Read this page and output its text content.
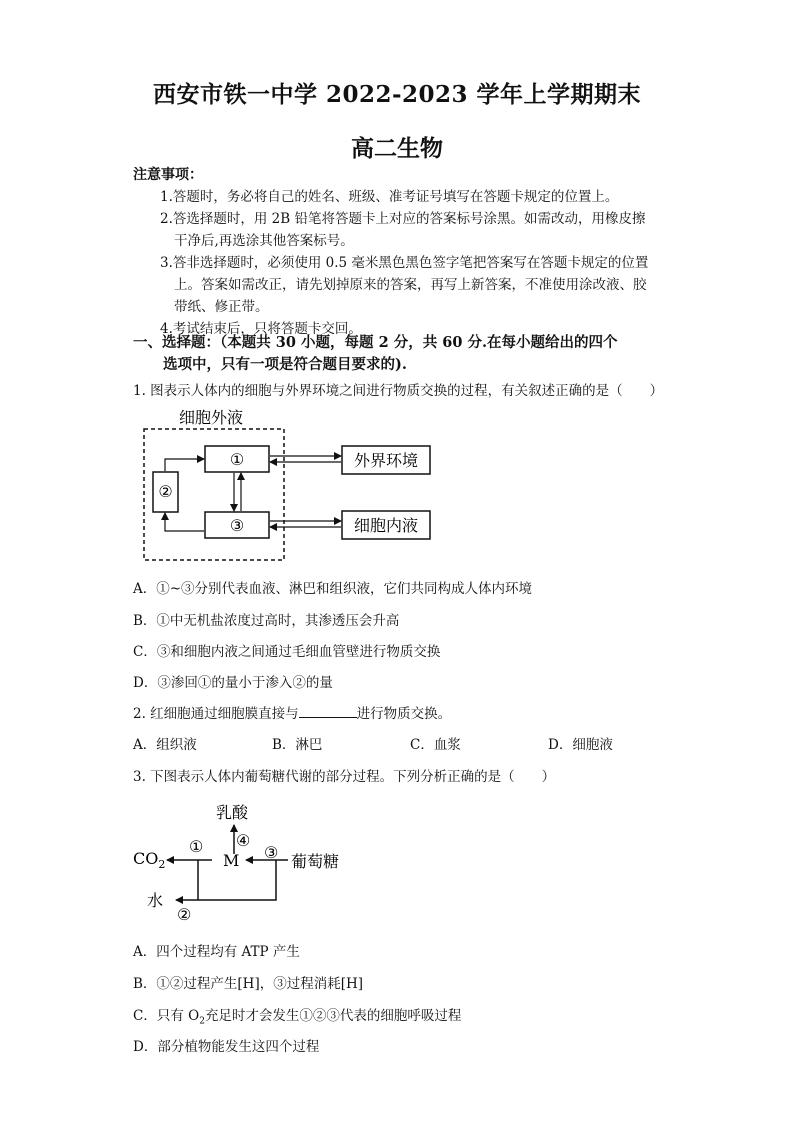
西安市铁一中学 2022-2023 学年上学期期末
高二生物
注意事项：
1.答题时，务必将自己的姓名、班级、准考证号填写在答题卡规定的位置上。
2.答选择题时，用 2B 铅笔将答题卡上对应的答案标号涂黑。如需改动，用橡皮擦
干净后,再选涂其他答案标号。
3.答非选择题时，必须使用 0.5 毫米黑色黑色签字笔把答案写在答题卡规定的位置
上。答案如需改正，请先划掉原来的答案，再写上新答案，不准使用涂改液、胶
带纸、修正带。
4.考试结束后，只将答题卡交回。
一、选择题：（本题共 30 小题，每题 2 分，共 60 分.在每小题给出的四个
选项中，只有一项是符合题目要求的).
1. 图表示人体内的细胞与外界环境之间进行物质交换的过程，有关叙述正确的是（　　）
细胞外液
①
②
③
外界环境
细胞内液
A．①~③分别代表血液、淋巴和组织液，它们共同构成人体内环境
B．①中无机盐浓度过高时，其渗透压会升高
C．③和细胞内液之间通过毛细血管壁进行物质交换
D．③渗回①的量小于渗入②的量
2. 红细胞通过细胞膜直接与	进行物质交换。
A．组织液	B．淋巴	C．血浆	D．细胞液
3. 下图表示人体内葡萄糖代谢的部分过程。下列分析正确的是（　　）
乳酸
④
①	③
$CO_2$	M	葡萄糖
水
②
A．四个过程均有 ATP 产生
B．①②过程产生[H]，③过程消耗[H]
C．只有 $O_2$充足时才会发生①②③代表的细胞呼吸过程
D．部分植物能发生这四个过程
